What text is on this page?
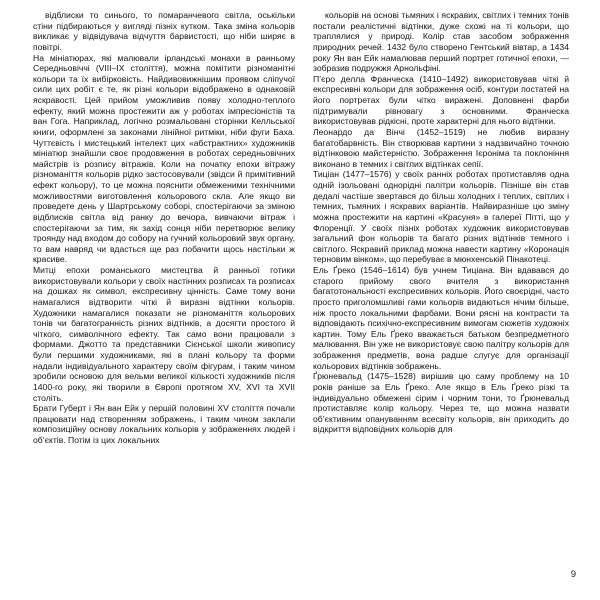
відблиски то синього, то помаранчевого світла, оськільки стіни підбираються у вигляді пізніх кутком. Така зміна кольорів викликає у відвідувача відчуття барвистості, що ніби ширяє в повітрі.

На мініатюрах, які малювали ірландські монахи в ранньому Середньовіччі (VIII–IX століття), можна помітити різноманітні кольори та їх вибірковість. Найдивовижнішим проявом сліпучої сили цих робіт є те, як різні кольори відображено в однаковій яскравості. Цей прийом уможливив появу холодно-теплого ефекту, який можна простежити аж у роботах імпресіоністів та ван Гога. Наприклад, логічно розмальовані сторінки Келльської книги, оформлені за законами лінійної ритміки, ніби фуги Баха. Чуттєвість і мистецький інтелект цих «абстрактних» художників мініатюр знайшли своє продовження в роботах середньовічних майстрів із розпису вітражів. Коли на початку епохи вітражу різноманіття кольорів рідко застосовували (звідси й примітивний ефект кольору), то це можна пояснити обмеженими технічними можливостями виготовлення кольорового скла. Але якщо ви проведете день у Шартрському соборі, спостерігаючи за зміною відблисків світла від ранку до вечора, вивчаючи вітраж і спостерігаючи за тим, як захід сонця ніби перетворює велику троянду над входом до собору на гучний кольоровий звук органу, то вам навряд чи вдасться ще раз побачити щось настільки ж красиве.

Митці епохи романського мистецтва й ранньої готики використовували кольори у своїх настінних розписах та розписах на дошках як символ, експресивну цінність. Саме тому вони намагалися відтворити чіткі й виразні відтінки кольорів. Художники намагалися показати не різноманіття кольорових тонів чи багатогранність різних відтінків, а досягти простого й чіткого, символічного ефекту. Так само вони працювали з формами. Джотто та представники Сієнської школи живопису були першими художниками, які в плані кольору та форми надали індивідуального характеру своїм фігурам, і таким чином зробили основою для вельми великої кількості художників після 1400-го року, які творили в Європі протягом XV, XVI та XVII століть.

Брати Губерт і Ян ван Ейк у першій половині XV століття почали працювати над створенням зображень, і таким чином заклали композиційну основу локальних кольорів у зображеннях людей і об’єктів. Потім із цих локальних

кольорів на основі тьмяних і яскравих, світлих і темних тонів постали реалістичні відтінки, дуже схожі на ті кольори, що траплялися у природі. Колір став засобом зображення природних речей. 1432 було створено Гентський вівтар, а 1434 року Ян ван Ейк намалював перший портрет готичної епохи, — зобразив подружжя Арнольфіні.

П’єро делла Франческа (1410–1492) використовував чіткі й експресивні кольори для зображення осіб, контури постатей на його портретах були чітко виражені. Доповнені фарби підтримували рівновагу з основними. Франческа використовував рідкісні, проте характерні для нього відтінки.

Леонардо да Вінчі (1452–1519) не любив виразну багатобарвність. Він створював картини з надзвичайно точною відтінковою майстерністю. Зображення Ієроніма та поклоніння виконано в темних і світлих відтінках сепії.

Тиціан (1477–1576) у своїх ранніх роботах протиставляв одна одній ізольовані однорідні палітри кольорів. Пізніше він став дедалі частіше звертався до більш холодних і теплих, світлих і темних, тьмяних і яскравих варіантів. Найвиразніше цю зміну можна простежити на картині «Красуня» в галереї Пітті, що у Флоренції. У своїх пізніх роботах художник використовував загальний фон кольорів та багато різних відтінків темного і світлого. Яскравий приклад можна навести картину «Коронація терновим вінком», що перебуває в мюнхенській Пінакотеці.

Ель Ґреко (1546–1614) був учнем Тиціана. Він вдавався до старого прийому свого вчителя з використання багатотональності експресивних кольорів. Його своєрідні, часто просто приголомшливі гами кольорів видаються нічим більше, ніж просто локальними фарбами. Вони рясні на контрасти та відповідають психічно-експресивним вимогам сюжетів художніх картин. Тому Ель Ґреко вважається батьком безпредметного малювання. Він уже не використовує свою палітру кольорів для зображення предметів, вона радше слугує для організації кольорових відтінків зображень.

Ґрюневальд (1475–1528) вирішив цю саму проблему на 10 років раніше за Ель Ґреко. Але якщо в Ель Ґреко різкі та індивідуально обмежені сірим і чорним тони, то Ґрюневальд протиставляє колір кольору. Через те, що можна назвати об’єктивним опануванням всесвіту кольорів, він приходить до відкриття відповідних кольорів для

9
